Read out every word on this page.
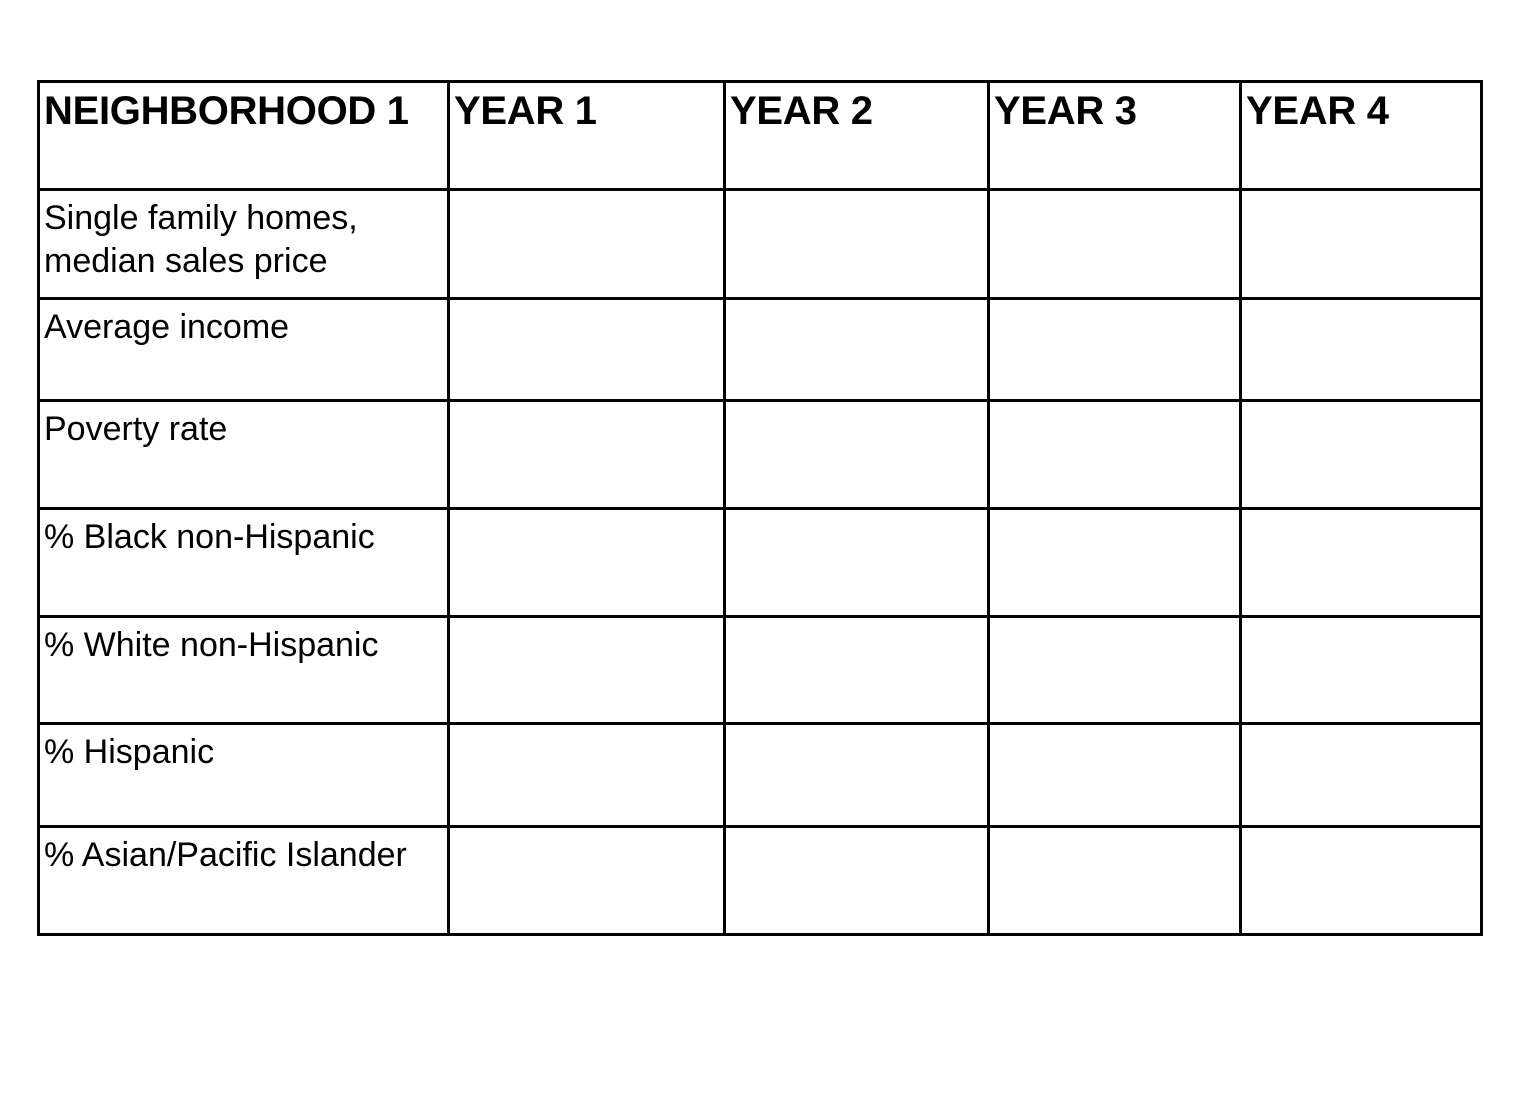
NEIGHBORHOOD 1	YEAR 1	YEAR 2	YEAR 3	YEAR 4
Single family homes,
median sales price				
Average income				
Poverty rate				
% Black non-Hispanic				
% White non-Hispanic				
% Hispanic				
% Asian/Pacific Islander				
